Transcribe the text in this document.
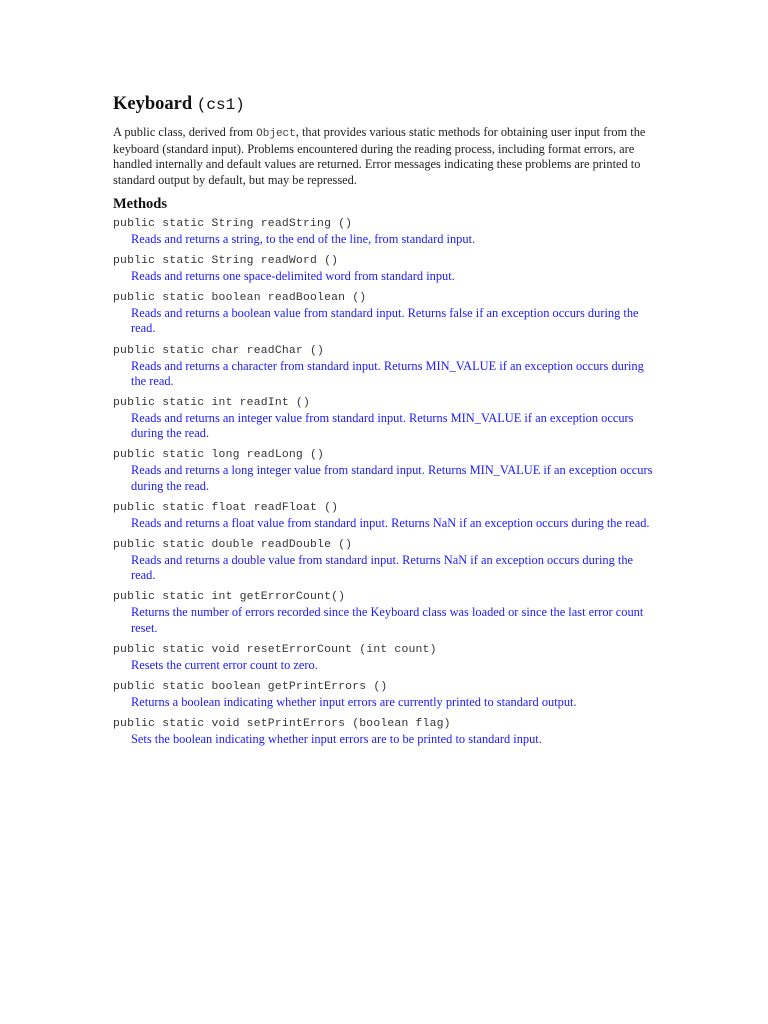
Keyboard (cs1)

A public class, derived from Object, that provides various static methods for obtaining user input from the keyboard (standard input). Problems encountered during the reading process, including format errors, are handled internally and default values are returned. Error messages indicating these problems are printed to standard output by default, but may be repressed.

Methods
public static String readString ()
Reads and returns a string, to the end of the line, from standard input.
public static String readWord ()
Reads and returns one space-delimited word from standard input.
public static boolean readBoolean ()
Reads and returns a boolean value from standard input. Returns false if an exception occurs during the read.
public static char readChar ()
Reads and returns a character from standard input. Returns MIN_VALUE if an exception occurs during the read.
public static int readInt ()
Reads and returns an integer value from standard input. Returns MIN_VALUE if an exception occurs during the read.
public static long readLong ()
Reads and returns a long integer value from standard input. Returns MIN_VALUE if an exception occurs during the read.
public static float readFloat ()
Reads and returns a float value from standard input. Returns NaN if an exception occurs during the read.
public static double readDouble ()
Reads and returns a double value from standard input. Returns NaN if an exception occurs during the read.
public static int getErrorCount()
Returns the number of errors recorded since the Keyboard class was loaded or since the last error count reset.
public static void resetErrorCount (int count)
Resets the current error count to zero.
public static boolean getPrintErrors ()
Returns a boolean indicating whether input errors are currently printed to standard output.
public static void setPrintErrors (boolean flag)
Sets the boolean indicating whether input errors are to be printed to standard input.
